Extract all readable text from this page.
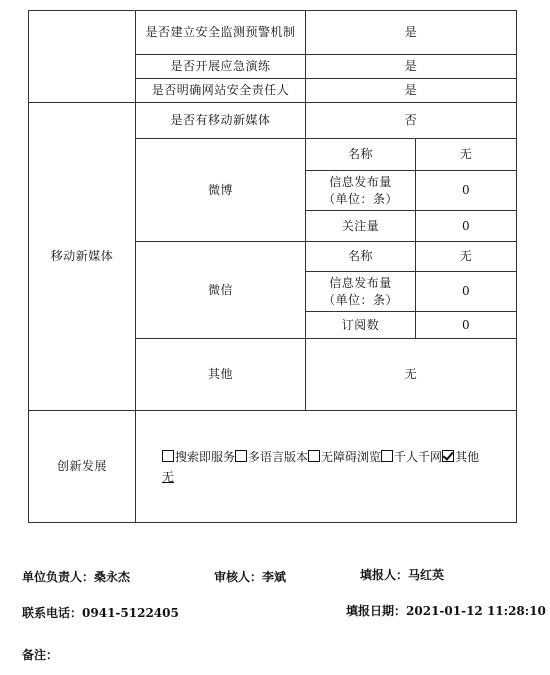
	是否建立安全监测预警机制	是	
	是否开展应急演练	是	
	是否明确网站安全责任人	是	
移动新媒体	是否有移动新媒体	否	
	微博	名称	无

		信息发布量
（单位：条）	0
		关注量	0
	微信	名称	无

		信息发布量
（单位：条）	0
		订阅数	0
	其他	无	
创新发展	搜索即服务 多语言版本 无障碍浏览 千人千网 其他
无		
单位负责人：桑永杰	审核人：李斌	填报人：马红英
联系电话：0941-5122405	填报日期：2021-01-12 11:28:10
备注：
